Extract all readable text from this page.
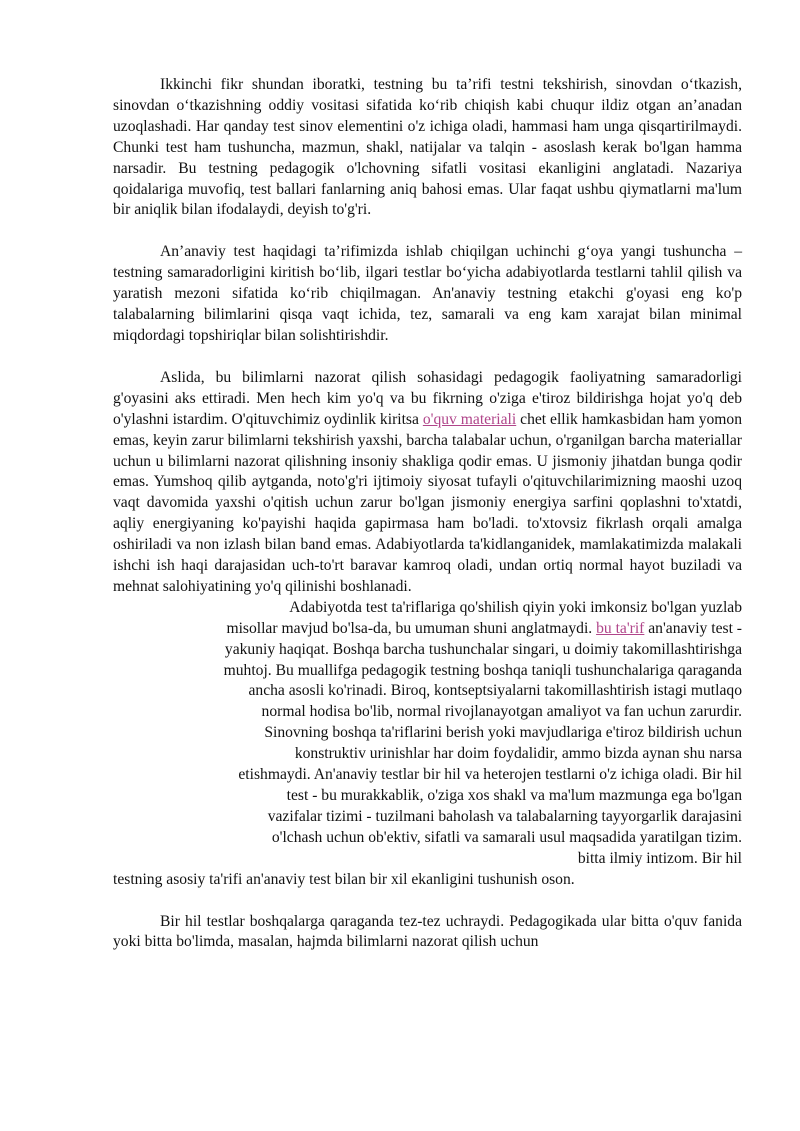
Ikkinchi fikr shundan iboratki, testning bu ta’rifi testni tekshirish, sinovdan o‘tkazish, sinovdan o‘tkazishning oddiy vositasi sifatida ko‘rib chiqish kabi chuqur ildiz otgan an’anadan uzoqlashadi. Har qanday test sinov elementini o'z ichiga oladi, hammasi ham unga qisqartirilmaydi. Chunki test ham tushuncha, mazmun, shakl, natijalar va talqin - asoslash kerak bo'lgan hamma narsadir. Bu testning pedagogik o'lchovning sifatli vositasi ekanligini anglatadi. Nazariya qoidalariga muvofiq, test ballari fanlarning aniq bahosi emas. Ular faqat ushbu qiymatlarni ma'lum bir aniqlik bilan ifodalaydi, deyish to'g'ri.

An’anaviy test haqidagi ta’rifimizda ishlab chiqilgan uchinchi g‘oya yangi tushuncha – testning samaradorligini kiritish bo‘lib, ilgari testlar bo‘yicha adabiyotlarda testlarni tahlil qilish va yaratish mezoni sifatida ko‘rib chiqilmagan. An'anaviy testning etakchi g'oyasi eng ko'p talabalarning bilimlarini qisqa vaqt ichida, tez, samarali va eng kam xarajat bilan minimal miqdordagi topshiriqlar bilan solishtirishdir.

Aslida, bu bilimlarni nazorat qilish sohasidagi pedagogik faoliyatning samaradorligi g'oyasini aks ettiradi. Men hech kim yo'q va bu fikrning o'ziga e'tiroz bildirishga hojat yo'q deb o'ylashni istardim. O'qituvchimiz oydinlik kiritsa o'quv materiali chet ellik hamkasbidan ham yomon emas, keyin zarur bilimlarni tekshirish yaxshi, barcha talabalar uchun, o'rganilgan barcha materiallar uchun u bilimlarni nazorat qilishning insoniy shakliga qodir emas. U jismoniy jihatdan bunga qodir emas. Yumshoq qilib aytganda, noto'g'ri ijtimoiy siyosat tufayli o'qituvchilarimizning maoshi uzoq vaqt davomida yaxshi o'qitish uchun zarur bo'lgan jismoniy energiya sarfini qoplashni to'xtatdi, aqliy energiyaning ko'payishi haqida gapirmasa ham bo'ladi. to'xtovsiz fikrlash orqali amalga oshiriladi va non izlash bilan band emas. Adabiyotlarda ta'kidlanganidek, mamlakatimizda malakali ishchi ish haqi darajasidan uch-to'rt baravar kamroq oladi, undan ortiq normal hayot buziladi va mehnat salohiyatining yo'q qilinishi boshlanadi.

Adabiyotda test ta'riflariga qo'shilish qiyin yoki imkonsiz bo'lgan yuzlab

misollar mavjud bo'lsa-da, bu umuman shuni anglatmaydi. bu ta'rif an'anaviy test -

yakuniy haqiqat. Boshqa barcha tushunchalar singari, u doimiy takomillashtirishga

muhtoj. Bu muallifga pedagogik testning boshqa taniqli tushunchalariga qaraganda

ancha asosli ko'rinadi. Biroq, kontseptsiyalarni takomillashtirish istagi mutlaqo

normal hodisa bo'lib, normal rivojlanayotgan amaliyot va fan uchun zarurdir.

Sinovning boshqa ta'riflarini berish yoki mavjudlariga e'tiroz bildirish uchun

konstruktiv urinishlar har doim foydalidir, ammo bizda aynan shu narsa

etishmaydi. An'anaviy testlar bir hil va heterojen testlarni o'z ichiga oladi. Bir hil

test - bu murakkablik, o'ziga xos shakl va ma'lum mazmunga ega bo'lgan

vazifalar tizimi - tuzilmani baholash va talabalarning tayyorgarlik darajasini

o'lchash uchun ob'ektiv, sifatli va samarali usul maqsadida yaratilgan tizim.

bitta ilmiy intizom. Bir hil

testning asosiy ta'rifi an'anaviy test bilan bir xil ekanligini tushunish oson.

Bir hil testlar boshqalarga qaraganda tez-tez uchraydi. Pedagogikada ular bitta o'quv fanida yoki bitta bo'limda, masalan, hajmda bilimlarni nazorat qilish uchun
